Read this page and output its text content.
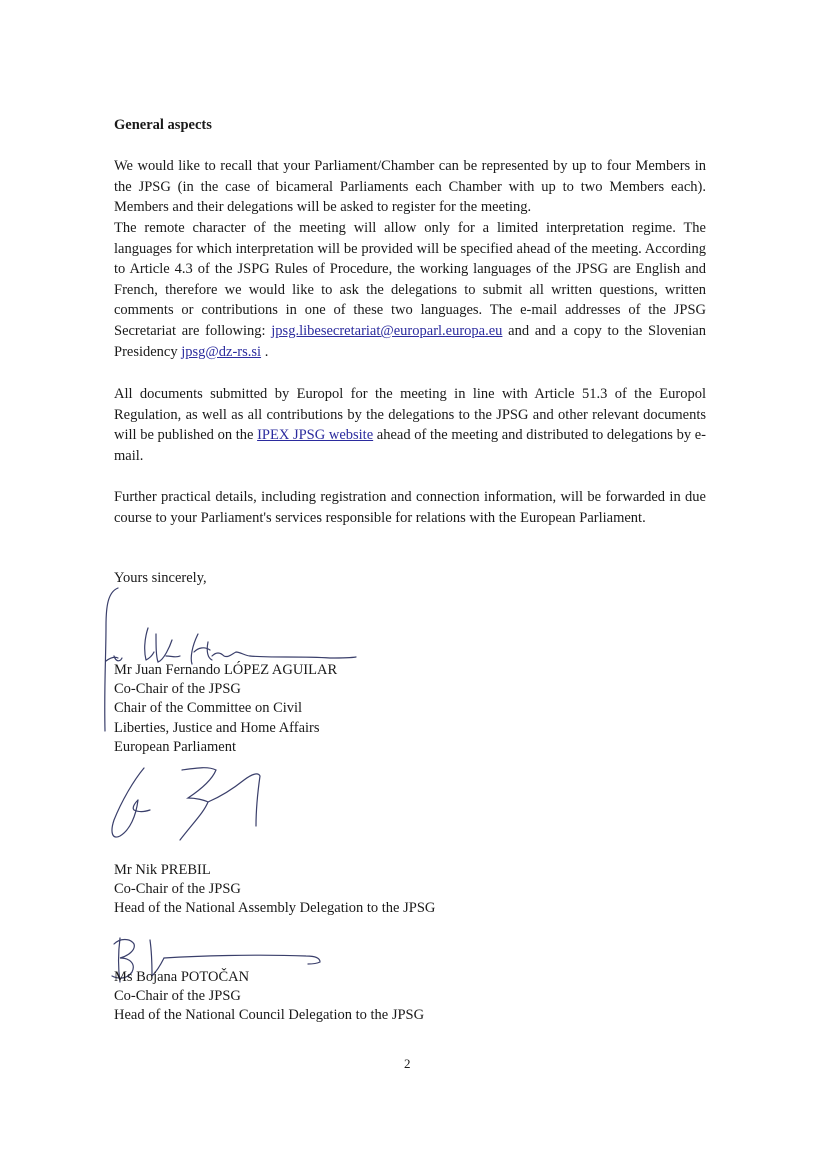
General aspects

We would like to recall that your Parliament/Chamber can be represented by up to four Members in the JPSG (in the case of bicameral Parliaments each Chamber with up to two Members each). Members and their delegations will be asked to register for the meeting.

The remote character of the meeting will allow only for a limited interpretation regime. The languages for which interpretation will be provided will be specified ahead of the meeting. According to Article 4.3 of the JSPG Rules of Procedure, the working languages of the JPSG are English and French, therefore we would like to ask the delegations to submit all written questions, written comments or contributions in one of these two languages. The e-mail addresses of the JPSG Secretariat are following: jpsg.libesecretariat@europarl.europa.eu and and a copy to the Slovenian Presidency jpsg@dz-rs.si .

All documents submitted by Europol for the meeting in line with Article 51.3 of the Europol Regulation, as well as all contributions by the delegations to the JPSG and other relevant documents will be published on the IPEX JPSG website ahead of the meeting and distributed to delegations by e-mail.

Further practical details, including registration and connection information, will be forwarded in due course to your Parliament's services responsible for relations with the European Parliament.

Yours sincerely,
Mr Juan Fernando LÓPEZ AGUILAR
Co-Chair of the JPSG
Chair of the Committee on Civil
Liberties, Justice and Home Affairs
European Parliament
Mr Nik PREBIL
Co-Chair of the JPSG
Head of the National Assembly Delegation to the JPSG
Ms Bojana POTOČAN
Co-Chair of the JPSG
Head of the National Council Delegation to the JPSG
2
